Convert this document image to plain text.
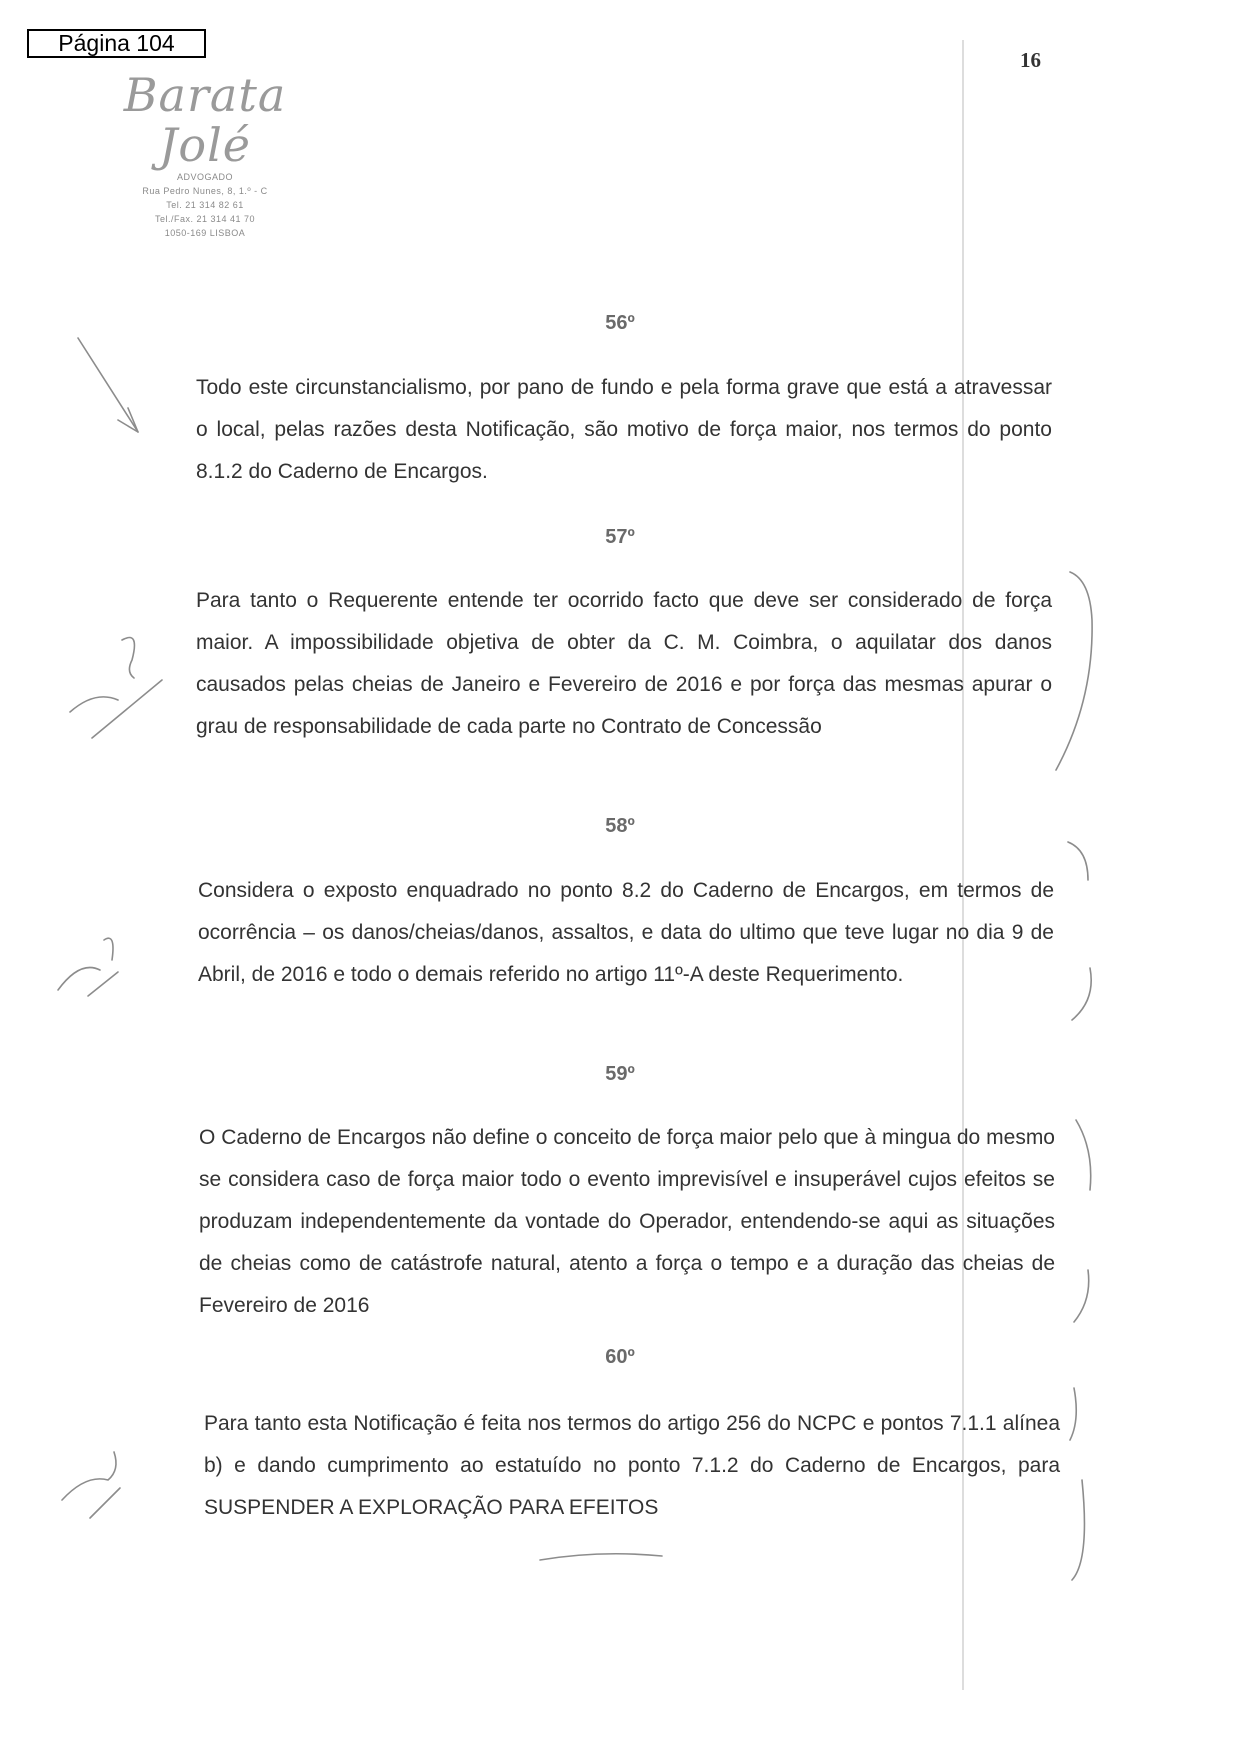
Página 104
16
Barata Jolé
ADVOGADO
Rua Pedro Nunes, 8, 1.º - C
Tel. 21 314 82 61
Tel./Fax. 21 314 41 70
1050-169 LISBOA
56º
Todo este circunstancialismo, por pano de fundo e pela forma grave que está a atravessar o local, pelas razões desta Notificação, são motivo de força maior, nos termos do ponto 8.1.2 do Caderno de Encargos.
57º
Para tanto o Requerente entende ter ocorrido facto que deve ser considerado de força maior. A impossibilidade objetiva de obter da C. M. Coimbra, o aquilatar dos danos causados pelas cheias de Janeiro e Fevereiro de 2016 e por força das mesmas apurar o grau de responsabilidade de cada parte no Contrato de Concessão
58º
Considera o exposto enquadrado no ponto 8.2 do Caderno de Encargos, em termos de ocorrência – os danos/cheias/danos, assaltos, e data do ultimo que teve lugar no dia 9 de Abril, de 2016 e todo o demais referido no artigo 11º-A deste Requerimento.
59º
O Caderno de Encargos não define o conceito de força maior pelo que à mingua do mesmo se considera caso de força maior todo o evento imprevisível e insuperável cujos efeitos se produzam independentemente da vontade do Operador, entendendo-se aqui as situações de cheias como de catástrofe natural, atento a força o tempo e a duração das cheias de Fevereiro de 2016
60º
Para tanto esta Notificação é feita nos termos do artigo 256 do NCPC e pontos 7.1.1 alínea b) e dando cumprimento ao estatuído no ponto 7.1.2 do Caderno de Encargos, para SUSPENDER A EXPLORAÇÃO PARA EFEITOS
